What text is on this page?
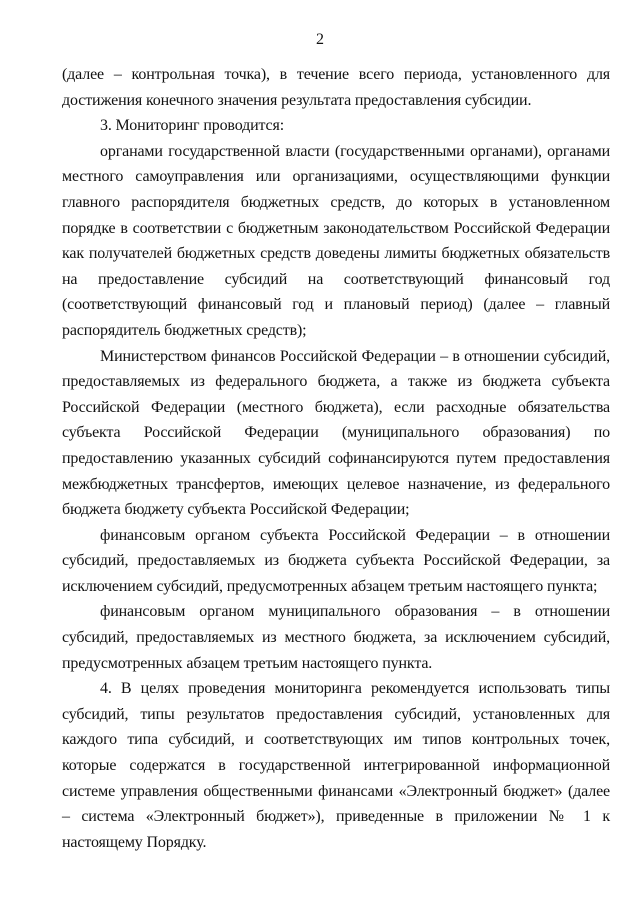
2

(далее – контрольная точка), в течение всего периода, установленного для достижения конечного значения результата предоставления субсидии.

3. Мониторинг проводится:

органами государственной власти (государственными органами), органами местного самоуправления или организациями, осуществляющими функции главного распорядителя бюджетных средств, до которых в установленном порядке в соответствии с бюджетным законодательством Российской Федерации как получателей бюджетных средств доведены лимиты бюджетных обязательств на предоставление субсидий на соответствующий финансовый год (соответствующий финансовый год и плановый период) (далее – главный распорядитель бюджетных средств);

Министерством финансов Российской Федерации – в отношении субсидий, предоставляемых из федерального бюджета, а также из бюджета субъекта Российской Федерации (местного бюджета), если расходные обязательства субъекта Российской Федерации (муниципального образования) по предоставлению указанных субсидий софинансируются путем предоставления межбюджетных трансфертов, имеющих целевое назначение, из федерального бюджета бюджету субъекта Российской Федерации;

финансовым органом субъекта Российской Федерации – в отношении субсидий, предоставляемых из бюджета субъекта Российской Федерации, за исключением субсидий, предусмотренных абзацем третьим настоящего пункта;

финансовым органом муниципального образования – в отношении субсидий, предоставляемых из местного бюджета, за исключением субсидий, предусмотренных абзацем третьим настоящего пункта.

4. В целях проведения мониторинга рекомендуется использовать типы субсидий, типы результатов предоставления субсидий, установленных для каждого типа субсидий, и соответствующих им типов контрольных точек, которые содержатся в государственной интегрированной информационной системе управления общественными финансами «Электронный бюджет» (далее – система «Электронный бюджет»), приведенные в приложении № 1 к настоящему Порядку.
